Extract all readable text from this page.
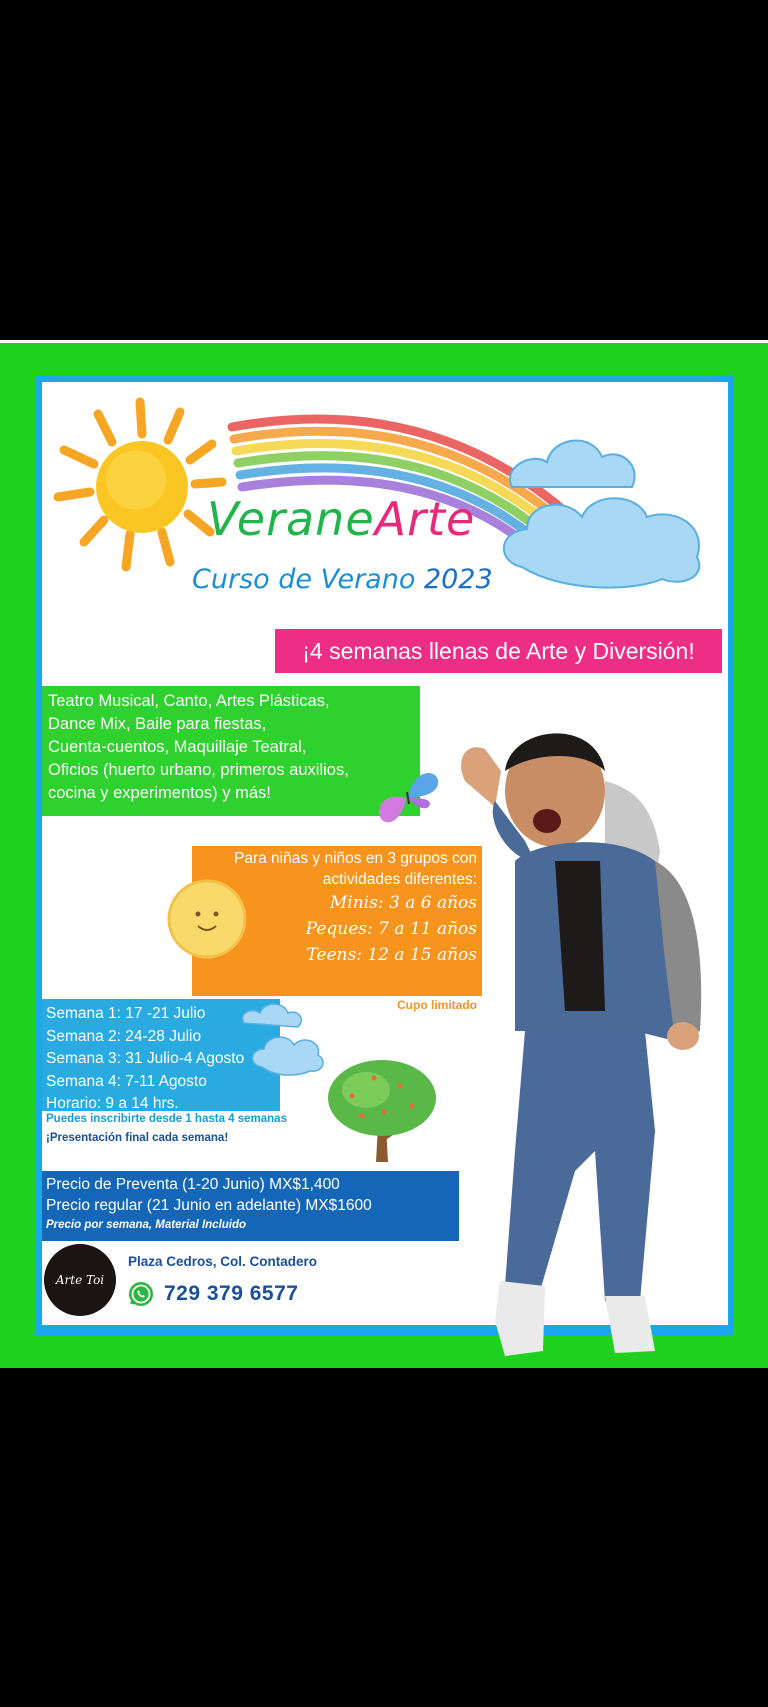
VeraneArte
Curso de Verano 2023
¡4 semanas llenas de Arte y Diversión!
Teatro Musical, Canto, Artes Plásticas,
Dance Mix, Baile para fiestas,
Cuenta-cuentos, Maquillaje Teatral,
Oficios (huerto urbano, primeros auxilios,
cocina y experimentos) y más!
Para niñas y niños en 3 grupos con
actividades diferentes:
Minis: 3 a 6 años
Peques: 7 a 11 años
Teens: 12 a 15 años
Cupo limitado
Semana 1: 17 -21 Julio
Semana 2: 24-28 Julio
Semana 3: 31 Julio-4 Agosto
Semana 4: 7-11 Agosto
Horario: 9 a 14 hrs.
Puedes inscribirte desde 1 hasta 4 semanas
¡Presentación final cada semana!
Precio de Preventa (1-20 Junio) MX$1,400
Precio regular (21 Junio en adelante) MX$1600
Precio por semana, Material Incluido
Arte Toi
Plaza Cedros, Col. Contadero
729 379 6577
